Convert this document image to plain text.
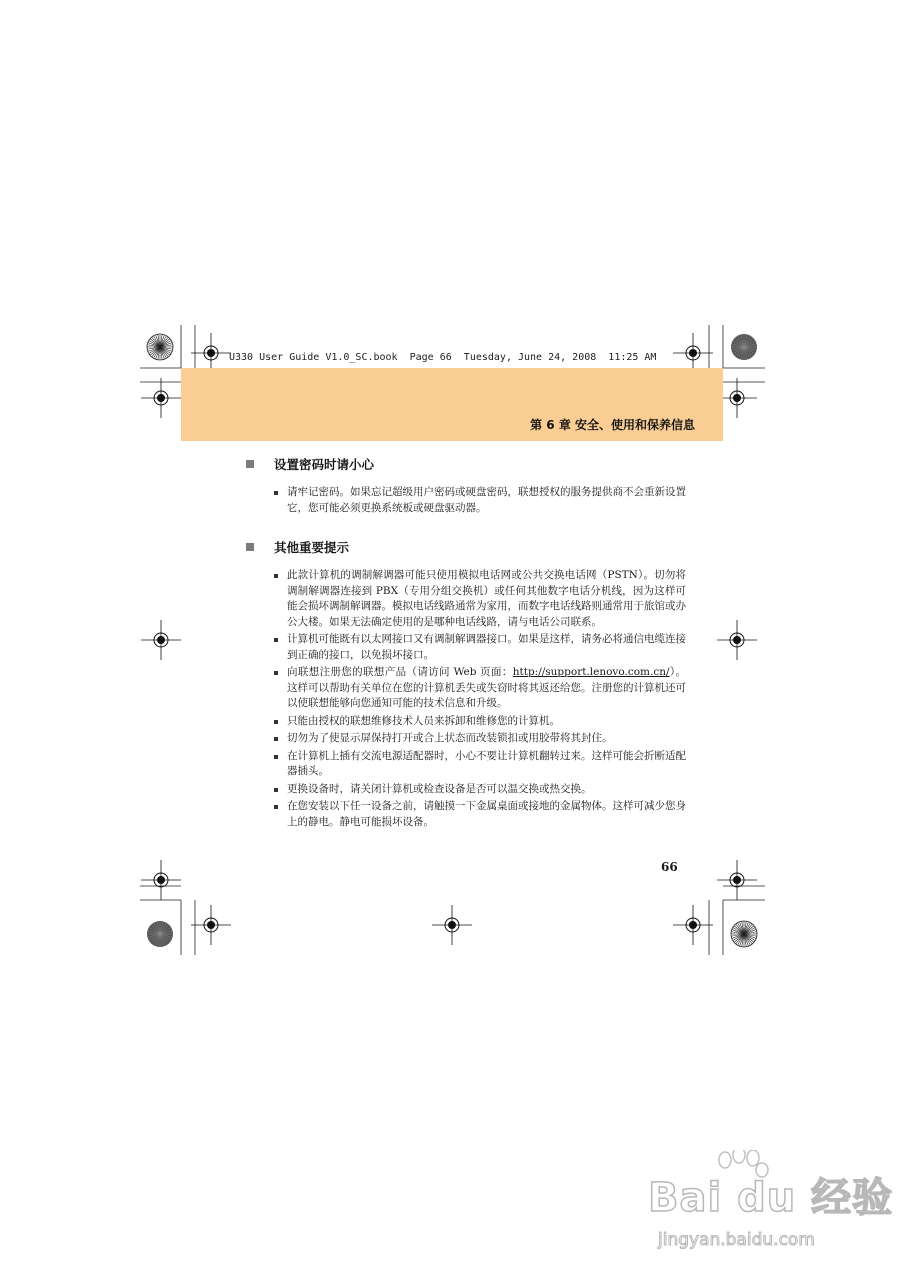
U330 User Guide V1.0_SC.book  Page 66  Tuesday, June 24, 2008  11:25 AM
第 6 章 安全、使用和保养信息
设置密码时请小心
请牢记密码。如果忘记超级用户密码或硬盘密码，联想授权的服务提供商不会重新设置它，您可能必须更换系统板或硬盘驱动器。
其他重要提示
此款计算机的调制解调器可能只使用模拟电话网或公共交换电话网（PSTN）。切勿将调制解调器连接到 PBX（专用分组交换机）或任何其他数字电话分机线，因为这样可能会损坏调制解调器。模拟电话线路通常为家用，而数字电话线路则通常用于旅馆或办公大楼。如果无法确定使用的是哪种电话线路，请与电话公司联系。
计算机可能既有以太网接口又有调制解调器接口。如果是这样，请务必将通信电缆连接到正确的接口，以免损坏接口。
向联想注册您的联想产品（请访问 Web 页面：http://support.lenovo.com.cn/）。这样可以帮助有关单位在您的计算机丢失或失窃时将其返还给您。注册您的计算机还可以使联想能够向您通知可能的技术信息和升级。
只能由授权的联想维修技术人员来拆卸和维修您的计算机。
切勿为了使显示屏保持打开或合上状态而改装锁扣或用胶带将其封住。
在计算机上插有交流电源适配器时，小心不要让计算机翻转过来。这样可能会折断适配器插头。
更换设备时，请关闭计算机或检查设备是否可以温交换或热交换。
在您安装以下任一设备之前，请触摸一下金属桌面或接地的金属物体。这样可减少您身上的静电。静电可能损坏设备。
66
Bai du 经验
jingyan.baidu.com
